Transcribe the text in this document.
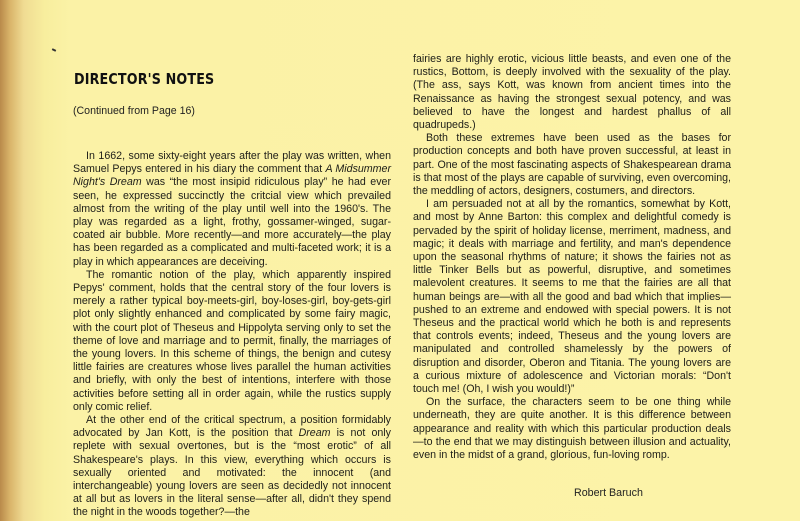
DIRECTOR'S NOTES
(Continued from Page 16)

In 1662, some sixty-eight years after the play was written, when Samuel Pepys entered in his diary the comment that A Midsummer Night's Dream was “the most insipid ridiculous play” he had ever seen, he expressed succinctly the critcial view which prevailed almost from the writing of the play until well into the 1960's. The play was regarded as a light, frothy, gossamer-winged, sugar-coated air bubble. More recently—and more accurately—the play has been regarded as a complicated and multi-faceted work; it is a play in which appearances are deceiving.

The romantic notion of the play, which apparently inspired Pepys' comment, holds that the central story of the four lovers is merely a rather typical boy-meets-girl, boy-loses-girl, boy-gets-girl plot only slightly enhanced and complicated by some fairy magic, with the court plot of Theseus and Hippolyta serving only to set the theme of love and marriage and to permit, finally, the marriages of the young lovers. In this scheme of things, the benign and cutesy little fairies are creatures whose lives parallel the human activities and briefly, with only the best of intentions, interfere with those activities before setting all in order again, while the rustics supply only comic relief.

At the other end of the critical spectrum, a position formidably advocated by Jan Kott, is the position that Dream is not only replete with sexual overtones, but is the “most erotic” of all Shakespeare's plays. In this view, everything which occurs is sexually oriented and motivated: the innocent (and interchangeable) young lovers are seen as decidedly not innocent at all but as lovers in the literal sense—after all, didn't they spend the night in the woods together?—the

fairies are highly erotic, vicious little beasts, and even one of the rustics, Bottom, is deeply involved with the sexuality of the play. (The ass, says Kott, was known from ancient times into the Renaissance as having the strongest sexual potency, and was believed to have the longest and hardest phallus of all quadrupeds.)

Both these extremes have been used as the bases for production concepts and both have proven successful, at least in part. One of the most fascinating aspects of Shakespearean drama is that most of the plays are capable of surviving, even overcoming, the meddling of actors, designers, costumers, and directors.

I am persuaded not at all by the romantics, somewhat by Kott, and most by Anne Barton: this complex and delightful comedy is pervaded by the spirit of holiday license, merriment, madness, and magic; it deals with marriage and fertility, and man's dependence upon the seasonal rhythms of nature; it shows the fairies not as little Tinker Bells but as powerful, disruptive, and sometimes malevolent creatures. It seems to me that the fairies are all that human beings are—with all the good and bad which that implies—pushed to an extreme and endowed with special powers. It is not Theseus and the practical world which he both is and represents that controls events; indeed, Theseus and the young lovers are manipulated and controlled shamelessly by the powers of disruption and disorder, Oberon and Titania. The young lovers are a curious mixture of adolescence and Victorian morals: “Don't touch me! (Oh, I wish you would!)”

On the surface, the characters seem to be one thing while underneath, they are quite another. It is this difference between appearance and reality with which this particular production deals—to the end that we may distinguish between illusion and actuality, even in the midst of a grand, glorious, fun-loving romp.

Robert Baruch
